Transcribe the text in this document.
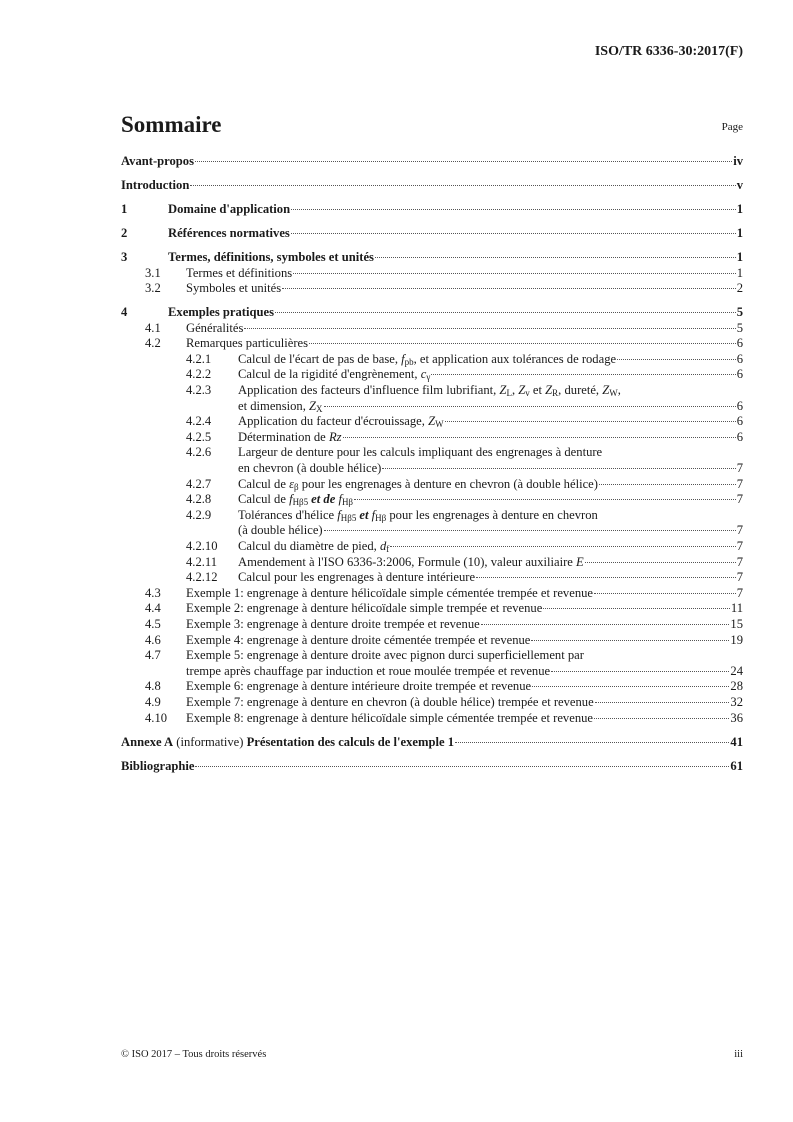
ISO/TR 6336-30:2017(F)
Sommaire	Page
Avant-propos	iv
Introduction	v
1	Domaine d'application	1
2	Références normatives	1
3	Termes, définitions, symboles et unités	1
3.1	Termes et définitions	1
3.2	Symboles et unités	2
4	Exemples pratiques	5
4.1	Généralités	5
4.2	Remarques particulières	6
4.2.1	Calcul de l'écart de pas de base, $f_{pb}$, et application aux tolérances de rodage	6
4.2.2	Calcul de la rigidité d'engrènement, $c_\gamma$	6
4.2.3	Application des facteurs d'influence film lubrifiant, $Z_L$, $Z_v$ et $Z_R$, dureté, $Z_W$,
et dimension, $Z_X$	6
4.2.4	Application du facteur d'écrouissage, $Z_W$	6
4.2.5	Détermination de Rz	6
4.2.6	Largeur de denture pour les calculs impliquant des engrenages à denture
en chevron (à double hélice)	7
4.2.7	Calcul de $\varepsilon_\beta$ pour les engrenages à denture en chevron (à double hélice)	7
4.2.8	Calcul de $f_{H\beta 5}$ et de $f_{H\beta}$	7
4.2.9	Tolérances d'hélice $f_{H\beta 5}$ et $f_{H\beta}$ pour les engrenages à denture en chevron
(à double hélice)	7
4.2.10	Calcul du diamètre de pied, $d_f$	7
4.2.11	Amendement à l'ISO 6336-3:2006, Formule (10), valeur auxiliaire E	7
4.2.12	Calcul pour les engrenages à denture intérieure	7
4.3	Exemple 1: engrenage à denture hélicoïdale simple cémentée trempée et revenue	7
4.4	Exemple 2: engrenage à denture hélicoïdale simple trempée et revenue	11
4.5	Exemple 3: engrenage à denture droite trempée et revenue	15
4.6	Exemple 4: engrenage à denture droite cémentée trempée et revenue	19
4.7	Exemple 5: engrenage à denture droite avec pignon durci superficiellement par
trempe après chauffage par induction et roue moulée trempée et revenue	24
4.8	Exemple 6: engrenage à denture intérieure droite trempée et revenue	28
4.9	Exemple 7: engrenage à denture en chevron (à double hélice) trempée et revenue	32
4.10 Exemple 8: engrenage à denture hélicoïdale simple cémentée trempée et revenue	36
Annexe A (informative) Présentation des calculs de l'exemple 1	41
Bibliographie	61
© ISO 2017 – Tous droits réservés	iii
